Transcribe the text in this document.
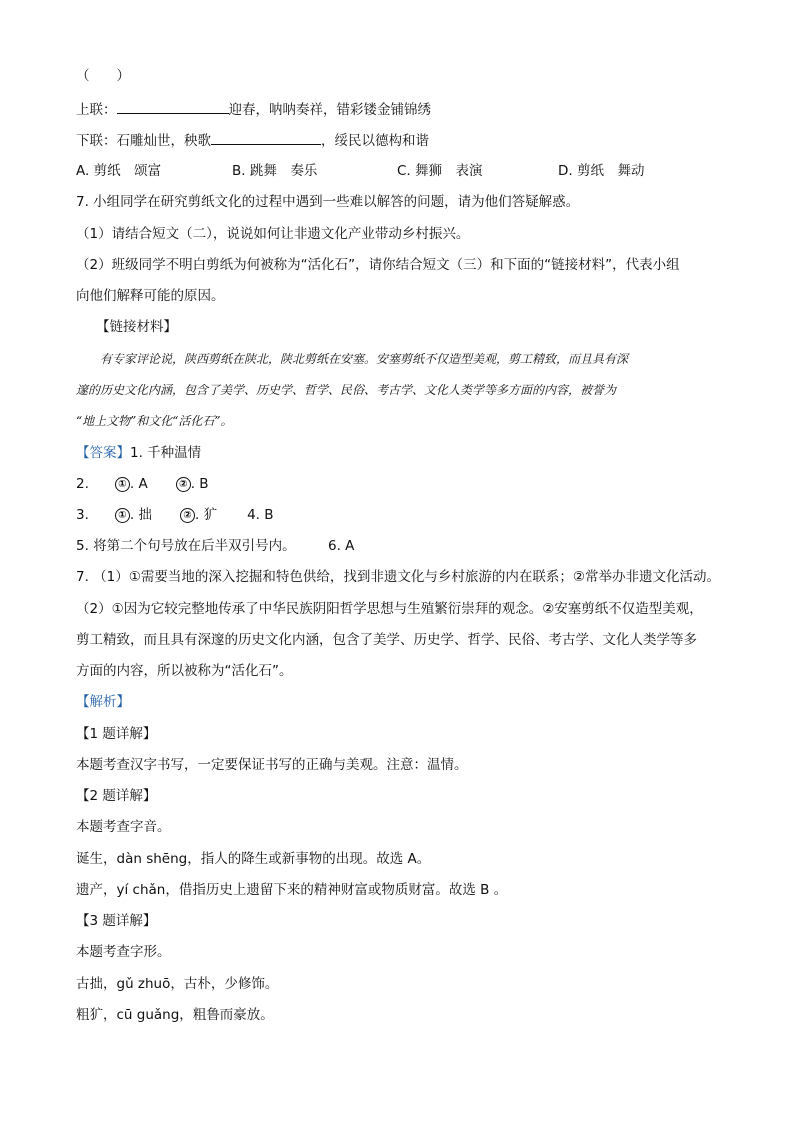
（　　）
上联：	迎春，呐呐奏祥，错彩镂金铺锦绣
下联：石雕灿世，秧歌	，绥民以德构和谐
A. 剪纸　颂富	B. 跳舞　奏乐	C. 舞狮　表演	D. 剪纸　舞动
7. 小组同学在研究剪纸文化的过程中遇到一些难以解答的问题，请为他们答疑解惑。
（1）请结合短文（二），说说如何让非遗文化产业带动乡村振兴。
（2）班级同学不明白剪纸为何被称为“活化石”，请你结合短文（三）和下面的“链接材料”，代表小组
向他们解释可能的原因。
【链接材料】
有专家评论说，陕西剪纸在陕北，陕北剪纸在安塞。安塞剪纸不仅造型美观，剪工精致，而且具有深
邃的历史文化内涵，包含了美学、历史学、哲学、民俗、考古学、文化人类学等多方面的内容，被誉为
“地上文物”和文化“活化石”。
【答案】1. 千种温情
2.	① . A	② . B
3.	① . 拙	② . 犷 4. B
5. 将第二个句号放在后半双引号内。 6. A
7. （1）①需要当地的深入挖掘和特色供给，找到非遗文化与乡村旅游的内在联系；②常举办非遗文化活动。
（2）①因为它较完整地传承了中华民族阴阳哲学思想与生殖繁衍崇拜的观念。②安塞剪纸不仅造型美观，
剪工精致，而且具有深邃的历史文化内涵，包含了美学、历史学、哲学、民俗、考古学、文化人类学等多
方面的内容，所以被称为“活化石”。
【解析】
【1 题详解】
本题考查汉字书写，一定要保证书写的正确与美观。注意：温情。
【2 题详解】
本题考查字音。
诞生，dàn shēng，指人的降生或新事物的出现。故选 A。
遗产，yí chǎn，借指历史上遗留下来的精神财富或物质财富。故选 B 。
【3 题详解】
本题考查字形。
古拙，gǔ zhuō，古朴，少修饰。
粗犷，cū guǎng，粗鲁而豪放。
